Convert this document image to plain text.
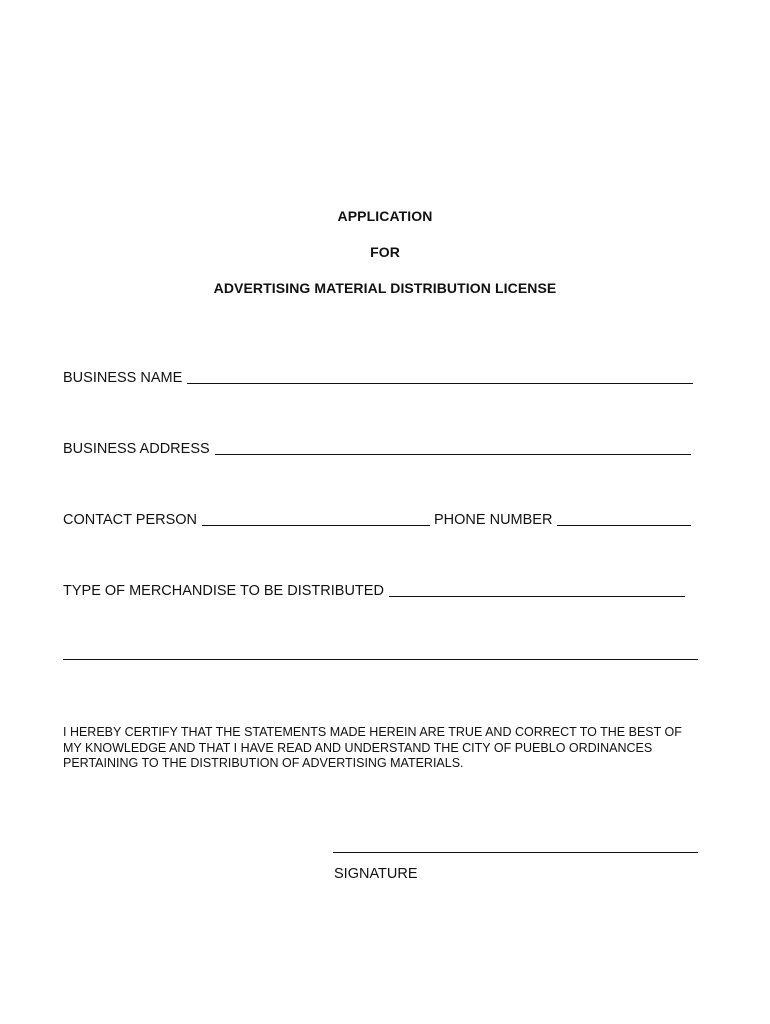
APPLICATION
FOR
ADVERTISING MATERIAL DISTRIBUTION LICENSE
BUSINESS NAME
BUSINESS ADDRESS
CONTACT PERSON	PHONE NUMBER
TYPE OF MERCHANDISE TO BE DISTRIBUTED
I HEREBY CERTIFY THAT THE STATEMENTS MADE HEREIN ARE TRUE AND CORRECT TO THE BEST OF
MY KNOWLEDGE AND THAT I HAVE READ AND UNDERSTAND THE CITY OF PUEBLO ORDINANCES
PERTAINING TO THE DISTRIBUTION OF ADVERTISING MATERIALS.
SIGNATURE
